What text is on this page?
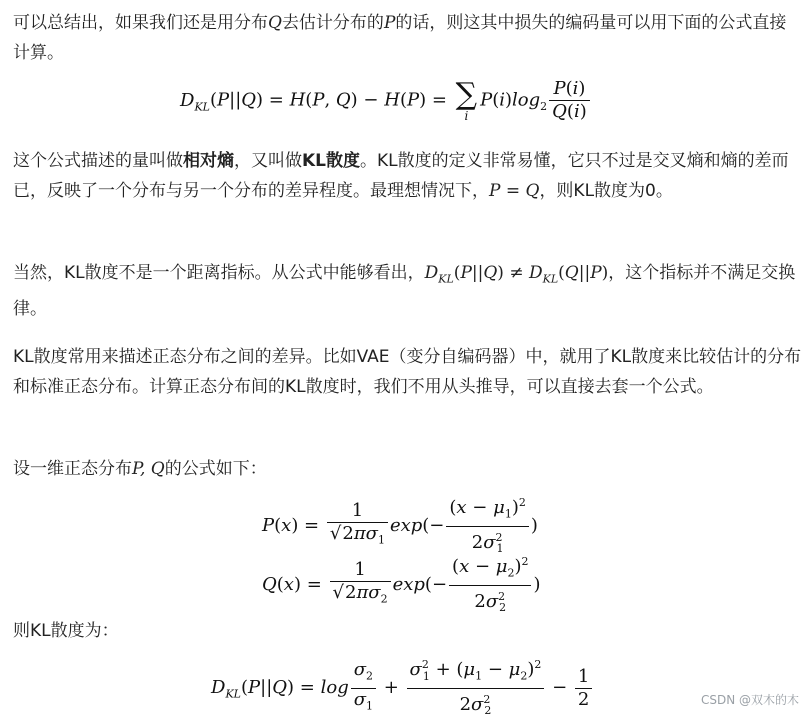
可以总结出，如果我们还是用分布Q去估计分布的P的话，则这其中损失的编码量可以用下面的公式直接计算。

$D_{KL}(P||Q) = H(P$, Q) − H(P) = ∑
i
$P(i)\log_2 \frac{P(i)}{Q(i)}$

这个公式描述的量叫做相对熵，又叫做KL散度。KL散度的定义非常易懂，它只不过是交叉熵和熵的差而已，反映了一个分布与另一个分布的差异程度。最理想情况下，P = Q，则KL散度为0。

当然，KL散度不是一个距离指标。从公式中能够看出，$D_{KL}(P||Q) \ne D_{KL}(Q||P)$，这个指标并不满足交换律。

KL散度常用来描述正态分布之间的差异。比如VAE（变分自编码器）中，就用了KL散度来比较估计的分布和标准正态分布。计算正态分布间的KL散度时，我们不用从头推导，可以直接去套一个公式。

设一维正态分布P, Q的公式如下：

$P(x) = \frac{1}{√2\pi\sigma_1} \exp(- \frac{(x - \mu_1)^2}{2\sigma^2_1}$ )
$Q(x) = \frac{1}{√2\pi\sigma_2} \exp(- \frac{(x - \mu_2)^2}{2\sigma^2_2}$ )

则KL散度为：

$D_{KL}(P||Q) = \log \frac{\sigma_2}{\sigma_1} + \frac{\sigma^2_1 + (\mu_1 - \mu_2)^2}{2\sigma^2_2} - \frac{1}{2}$	CSDN @双木的木
